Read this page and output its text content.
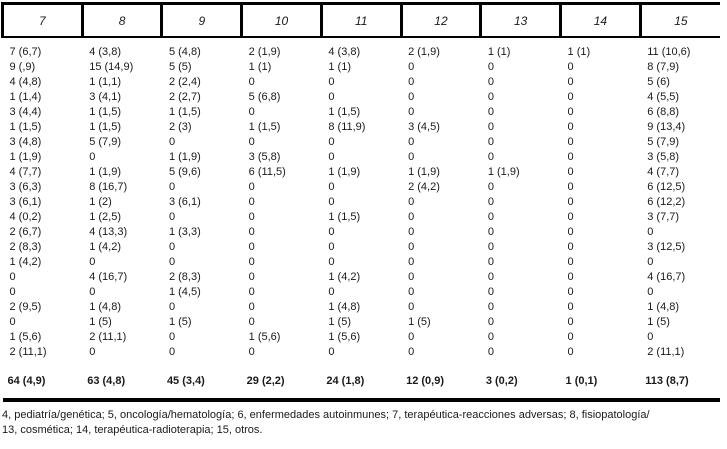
7	8	9	10	11	12	13	14	15
7 (6,7)	4 (3,8)	5 (4,8)	2 (1,9)	4 (3,8)	2 (1,9)	1 (1)	1 (1)	11 (10,6)
9 (,9)	15 (14,9)	5 (5)	1 (1)	1 (1)	0	0	0	8 (7,9)
4 (4,8)	1 (1,1)	2 (2,4)	0	0	0	0	0	5 (6)
1 (1,4)	3 (4,1)	2 (2,7)	5 (6,8)	0	0	0	0	4 (5,5)
3 (4,4)	1 (1,5)	1 (1,5)	0	1 (1,5)	0	0	0	6 (8,8)
1 (1,5)	1 (1,5)	2 (3)	1 (1,5)	8 (11,9)	3 (4,5)	0	0	9 (13,4)
3 (4,8)	5 (7,9)	0	0	0	0	0	0	5 (7,9)
1 (1,9)	0	1 (1,9)	3 (5,8)	0	0	0	0	3 (5,8)
4 (7,7)	1 (1,9)	5 (9,6)	6 (11,5)	1 (1,9)	1 (1,9)	1 (1,9)	0	4 (7,7)
3 (6,3)	8 (16,7)	0	0	0	2 (4,2)	0	0	6 (12,5)
3 (6,1)	1 (2)	3 (6,1)	0	0	0	0	0	6 (12,2)
4 (0,2)	1 (2,5)	0	0	1 (1,5)	0	0	0	3 (7,7)
2 (6,7)	4 (13,3)	1 (3,3)	0	0	0	0	0	0
2 (8,3)	1 (4,2)	0	0	0	0	0	0	3 (12,5)
1 (4,2)	0	0	0	0	0	0	0	0
0	4 (16,7)	2 (8,3)	0	1 (4,2)	0	0	0	4 (16,7)
0	0	1 (4,5)	0	0	0	0	0	0
2 (9,5)	1 (4,8)	0	0	1 (4,8)	0	0	0	1 (4,8)
0	1 (5)	1 (5)	0	1 (5)	1 (5)	0	0	1 (5)
1 (5,6)	2 (11,1)	0	1 (5,6)	1 (5,6)	0	0	0	0
2 (11,1)	0	0	0	0	0	0	0	2 (11,1)
64 (4,9)	63 (4,8)	45 (3,4)	29 (2,2)	24 (1,8)	12 (0,9)	3 (0,2)	1 (0,1)	113 (8,7)
4, pediatría/genética; 5, oncología/hematología; 6, enfermedades autoinmunes; 7, terapéutica-reacciones adversas; 8, fisiopatología/
13, cosmética; 14, terapéutica-radioterapia; 15, otros.
